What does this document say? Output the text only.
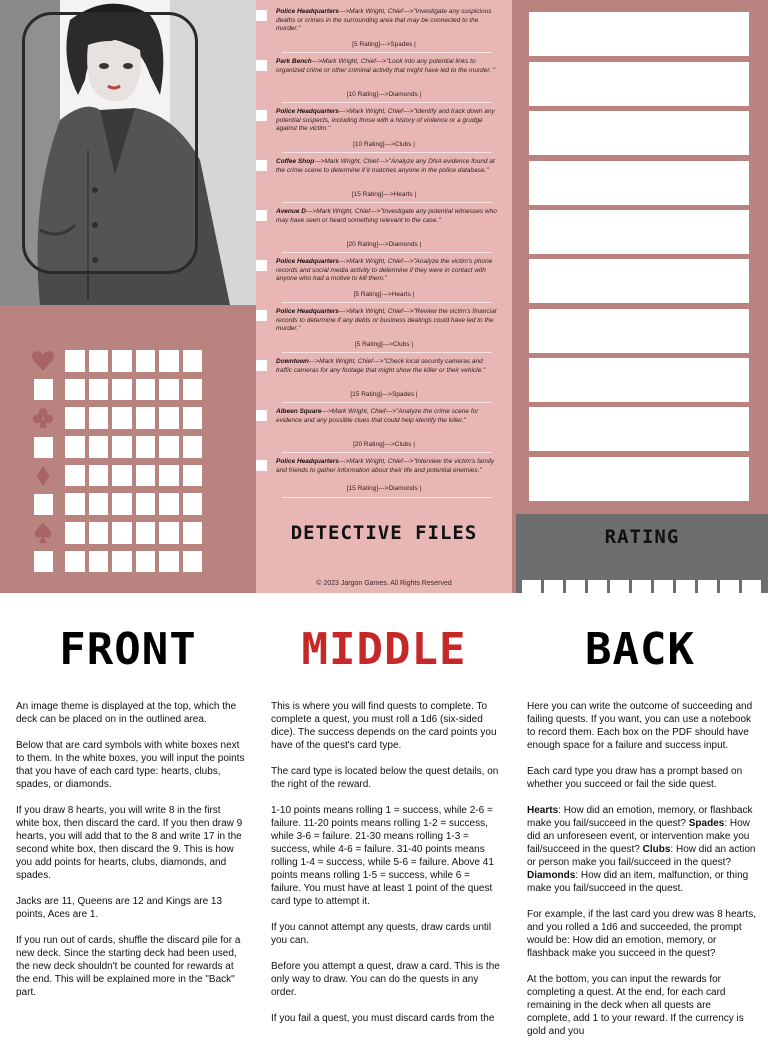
Police Headquarters--->Mark Wright, Chief--->"Investigate any suspicious deaths or crimes in the surrounding area that may be connected to the murder."
[5 Rating]--->Spades |
Park Bench--->Mark Wright, Chief--->"Look into any potential links to organized crime or other criminal activity that might have led to the murder. "
[10 Rating]--->Diamonds |
Police Headquarters--->Mark Wright, Chief--->"Identify and track down any potential suspects, including those with a history of violence or a grudge against the victim."
[10 Rating]--->Clubs |
Coffee Shop--->Mark Wright, Chief--->"Analyze any DNA evidence found at the crime scene to determine if it matches anyone in the police database."
[15 Rating]--->Hearts |
Avenue D--->Mark Wright, Chief--->"Investigate any potential witnesses who may have seen or heard something relevant to the case."
[20 Rating]--->Diamonds |
Police Headquarters--->Mark Wright, Chief--->"Analyze the victim's phone records and social media activity to determine if they were in contact with anyone who had a motive to kill them."
[5 Rating]--->Hearts |
Police Headquarters--->Mark Wright, Chief--->"Review the victim's financial records to determine if any debts or business dealings could have led to the murder."
[5 Rating]--->Clubs |
Downtown--->Mark Wright, Chief--->"Check local security cameras and traffic cameras for any footage that might show the killer or their vehicle."
[15 Rating]--->Spades |
Albeen Square--->Mark Wright, Chief--->"Analyze the crime scene for evidence and any possible clues that could help identify the killer."
[20 Rating]--->Clubs |
Police Headquarters--->Mark Wright, Chief--->"Interview the victim's family and friends to gather information about their life and potential enemies."
[15 Rating]--->Diamonds |
DETECTIVE FILES
© 2023 Jargon Games. All Rights Reserved
RATING
FRONT	MIDDLE	BACK

An image theme is displayed at the top, which the deck can be placed on in the outlined area.

Below that are card symbols with white boxes next to them. In the white boxes, you will input the points that you have of each card type: hearts, clubs, spades, or diamonds.

If you draw 8 hearts, you will write 8 in the first white box, then discard the card. If you then draw 9 hearts, you will add that to the 8 and write 17 in the second white box, then discard the 9. This is how you add points for hearts, clubs, diamonds, and spades.

Jacks are 11, Queens are 12 and Kings are 13 points, Aces are 1.

If you run out of cards, shuffle the discard pile for a new deck. Since the starting deck had been used, the new deck shouldn't be counted for rewards at the end. This will be explained more in the "Back" part.

This is where you will find quests to complete. To complete a quest, you must roll a 1d6 (six-sided dice). The success depends on the card points you have of the quest's card type.

The card type is located below the quest details, on the right of the reward.

1-10 points means rolling 1 = success, while 2-6 = failure. 11-20 points means rolling 1-2 = success, while 3-6 = failure. 21-30 means rolling 1-3 = success, while 4-6 = failure. 31-40 points means rolling 1-4 = success, while 5-6 = failure. Above 41 points means rolling 1-5 = success, while 6 = failure. You must have at least 1 point of the quest card type to attempt it.

If you cannot attempt any quests, draw cards until you can.

Before you attempt a quest, draw a card. This is the only way to draw. You can do the quests in any order.

If you fail a quest, you must discard cards from the

Here you can write the outcome of succeeding and failing quests. If you want, you can use a notebook to record them. Each box on the PDF should have enough space for a failure and success input.

Each card type you draw has a prompt based on whether you succeed or fail the side quest.

Hearts: How did an emotion, memory, or flashback make you fail/succeed in the quest? Spades: How did an unforeseen event, or intervention make you fail/succeed in the quest? Clubs: How did an action or person make you fail/succeed in the quest? Diamonds: How did an item, malfunction, or thing make you fail/succeed in the quest.

For example, if the last card you drew was 8 hearts, and you rolled a 1d6 and succeeded, the prompt would be: How did an emotion, memory, or flashback make you succeed in the quest?

At the bottom, you can input the rewards for completing a quest. At the end, for each card remaining in the deck when all quests are complete, add 1 to your reward. If the currency is gold and you
